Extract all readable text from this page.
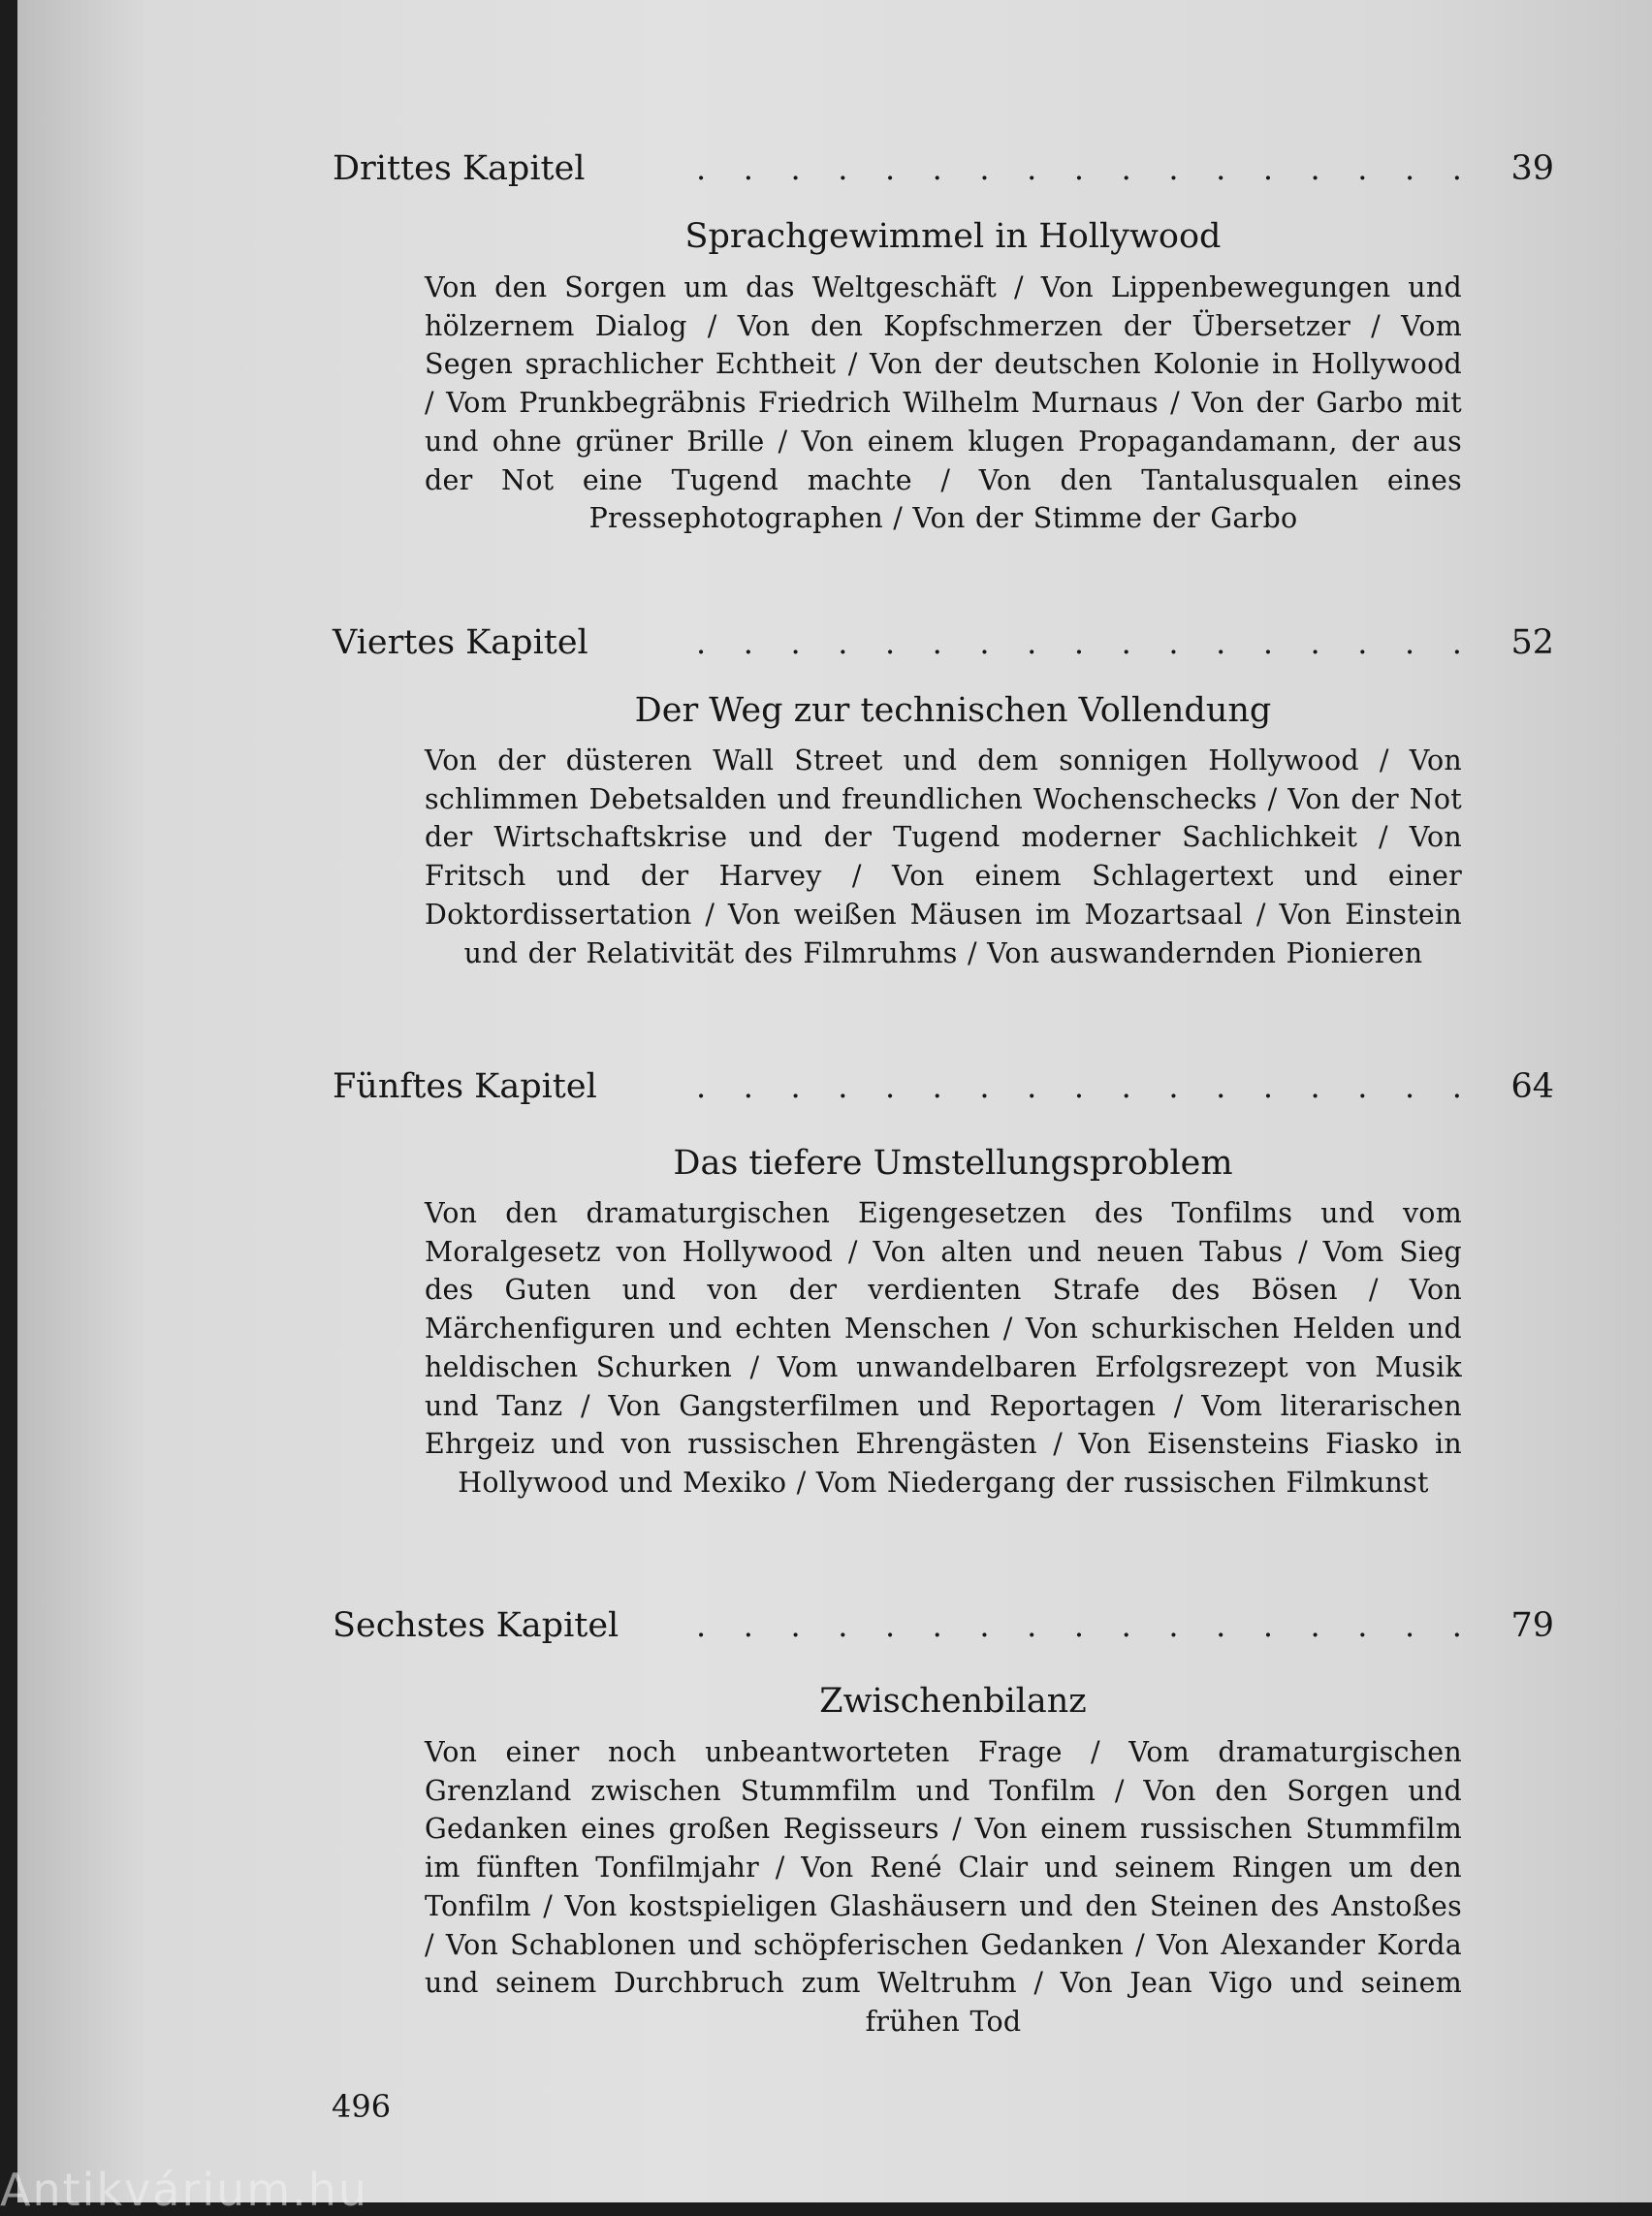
Drittes Kapitel	. . . . . . . . . . . . . . . . . 39
Sprachgewimmel in Hollywood
Von den Sorgen um das Weltgeschäft / Von Lippenbewegungen und hölzernem Dialog / Von den Kopfschmerzen der Übersetzer / Vom Segen sprachlicher Echtheit / Von der deutschen Kolonie in Hollywood / Vom Prunkbegräbnis Friedrich Wilhelm Murnaus / Von der Garbo mit und ohne grüner Brille / Von einem klugen Propagandamann, der aus der Not eine Tugend machte / Von den Tantalusqualen eines Pressephotographen / Von der Stimme der Garbo
Viertes Kapitel	. . . . . . . . . . . . . . . . . 52
Der Weg zur technischen Vollendung
Von der düsteren Wall Street und dem sonnigen Hollywood / Von schlimmen Debetsalden und freundlichen Wochenschecks / Von der Not der Wirtschaftskrise und der Tugend moderner Sachlichkeit / Von Fritsch und der Harvey / Von einem Schlagertext und einer Doktordissertation / Von weißen Mäusen im Mozartsaal / Von Einstein und der Relativität des Filmruhms / Von auswandernden Pionieren
Fünftes Kapitel	. . . . . . . . . . . . . . . . . 64
Das tiefere Umstellungsproblem
Von den dramaturgischen Eigengesetzen des Tonfilms und vom Moralgesetz von Hollywood / Von alten und neuen Tabus / Vom Sieg des Guten und von der verdienten Strafe des Bösen / Von Märchenfiguren und echten Menschen / Von schurkischen Helden und heldischen Schurken / Vom unwandelbaren Erfolgsrezept von Musik und Tanz / Von Gangsterfilmen und Reportagen / Vom literarischen Ehrgeiz und von russischen Ehrengästen / Von Eisensteins Fiasko in Hollywood und Mexiko / Vom Niedergang der russischen Filmkunst
Sechstes Kapitel . . . . . . . . . . . . . . . . . 79
Zwischenbilanz
Von einer noch unbeantworteten Frage / Vom dramaturgischen Grenzland zwischen Stummfilm und Tonfilm / Von den Sorgen und Gedanken eines großen Regisseurs / Von einem russischen Stummfilm im fünften Tonfilmjahr / Von René Clair und seinem Ringen um den Tonfilm / Von kostspieligen Glashäusern und den Steinen des Anstoßes / Von Schablonen und schöpferischen Gedanken / Von Alexander Korda und seinem Durchbruch zum Weltruhm / Von Jean Vigo und seinem frühen Tod
496
Antikvárium.hu
